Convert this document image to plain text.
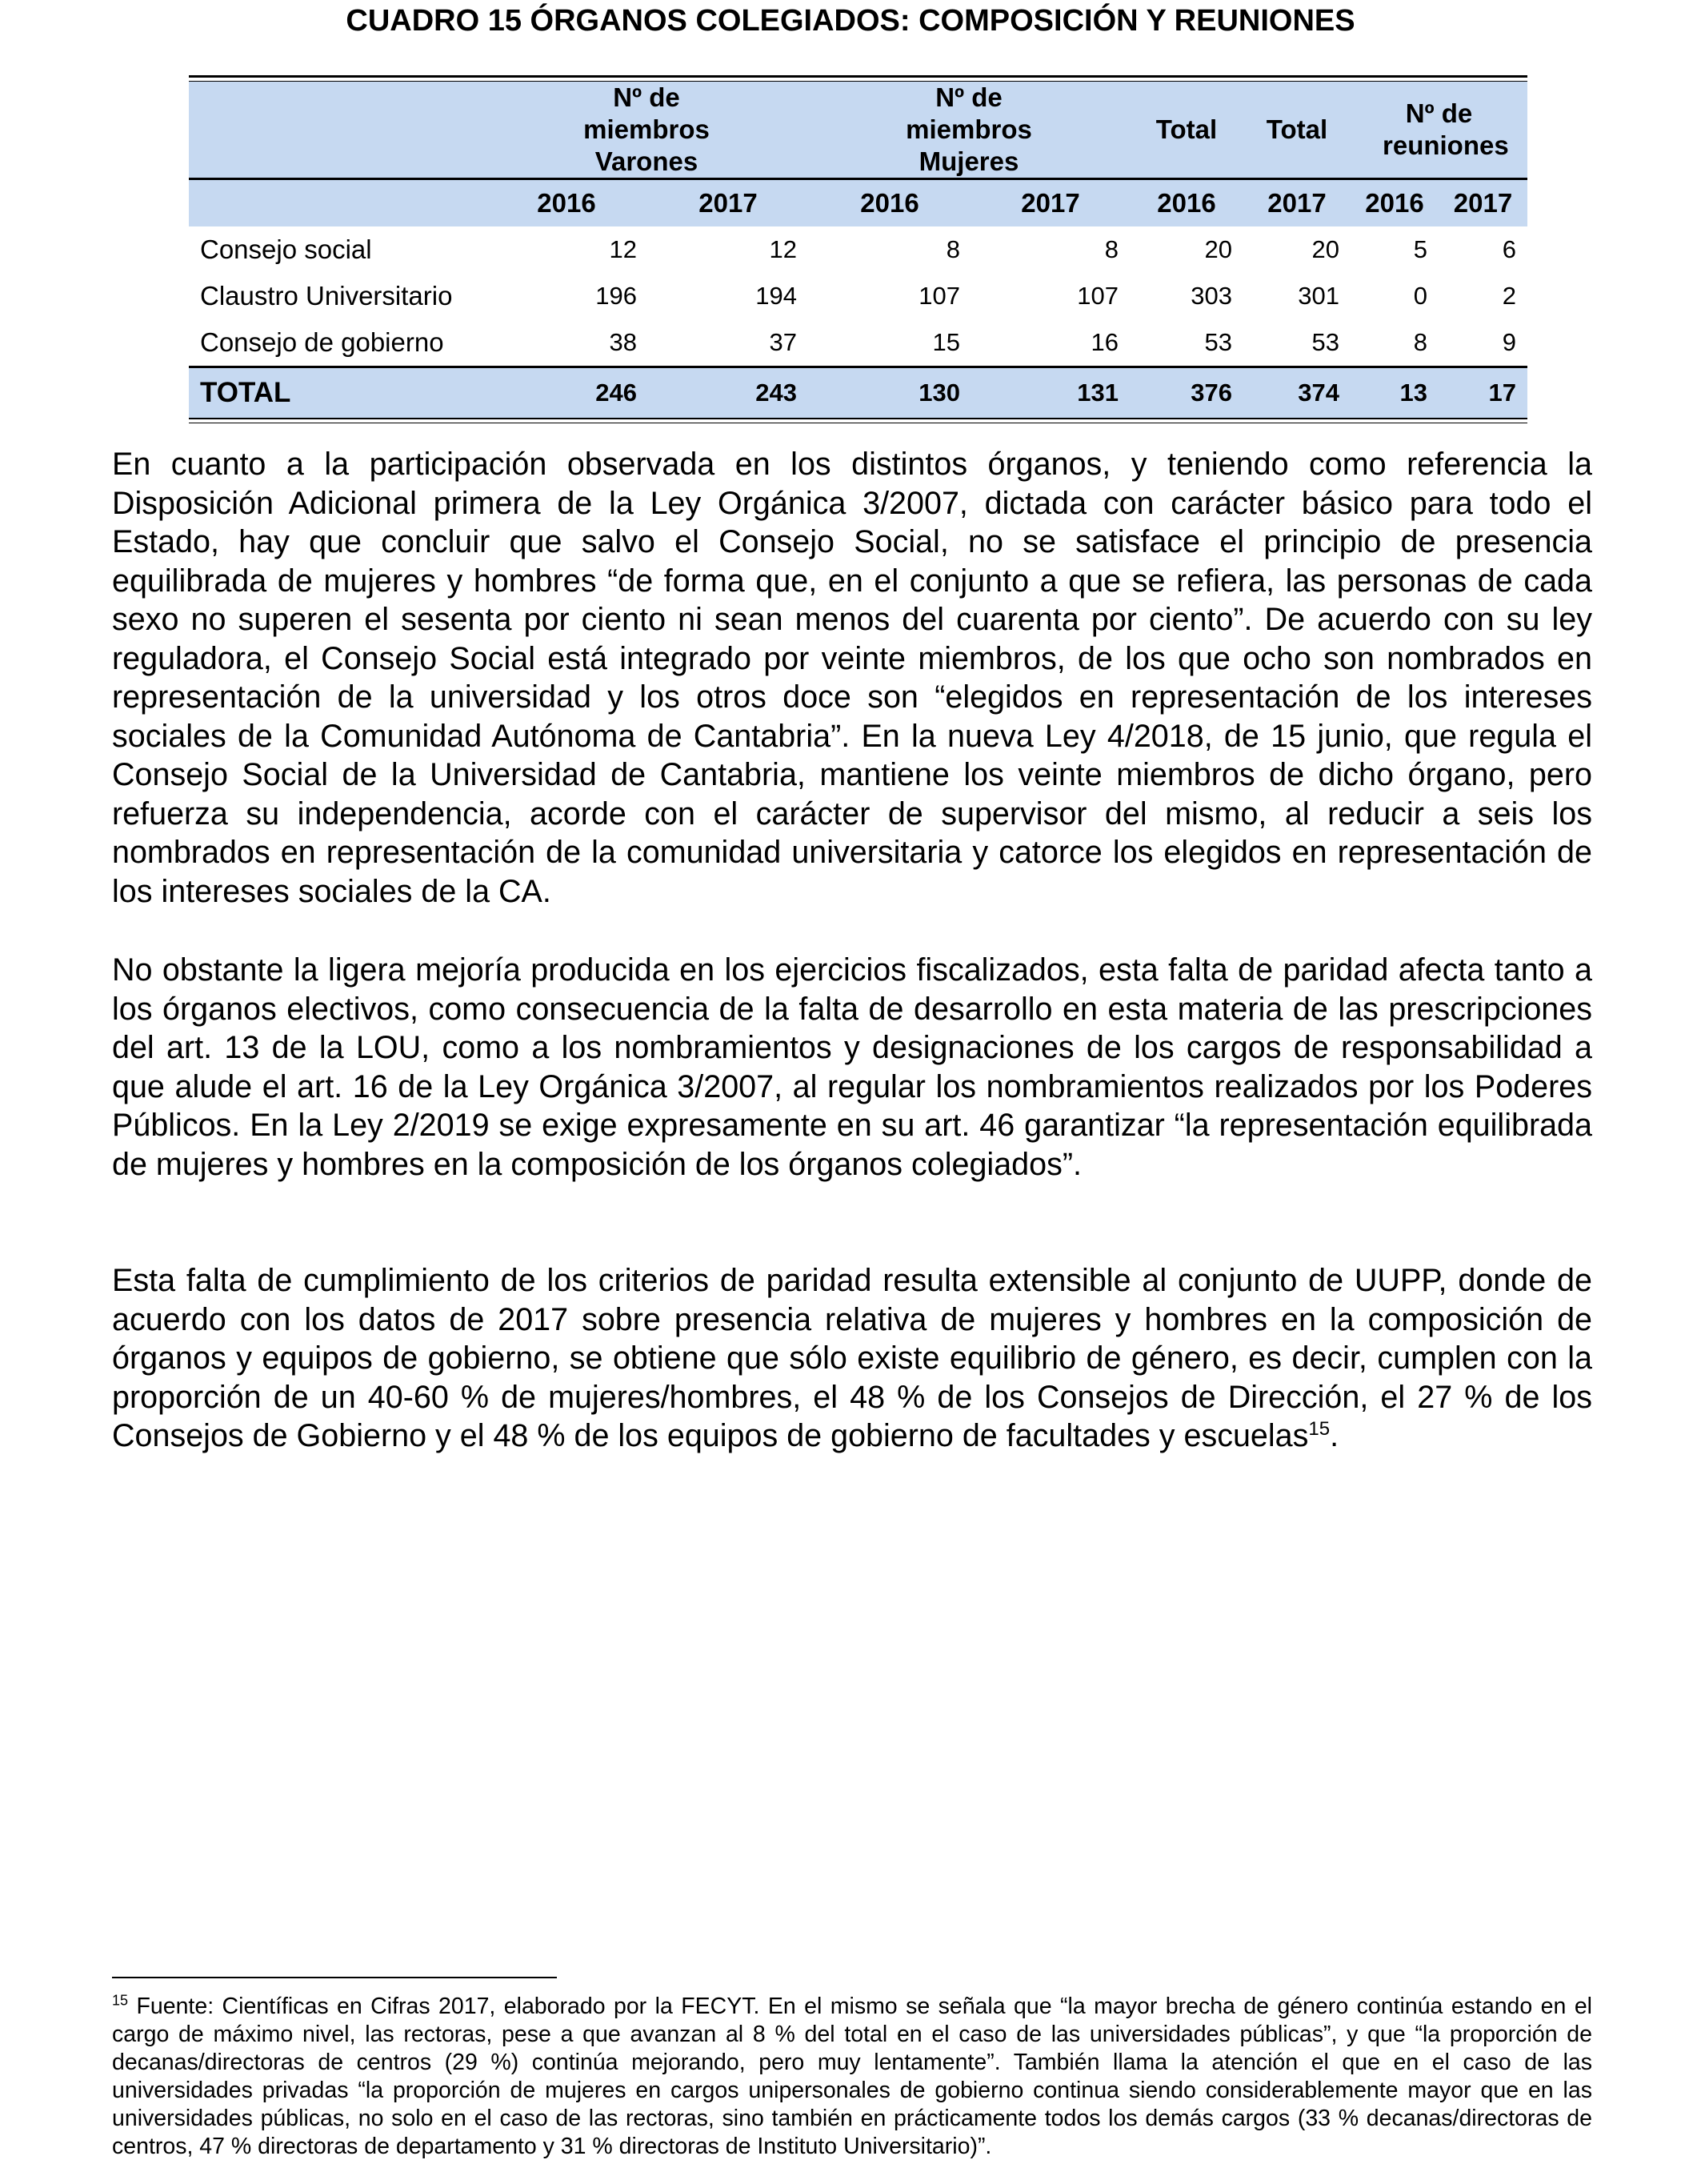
CUADRO 15 ÓRGANOS COLEGIADOS: COMPOSICIÓN Y REUNIONES
	Nº de miembros Varones		Nº de miembros Mujeres		Total	Total	Nº de reuniones	
	2016	2017	2016	2017	2016	2017	2016	2017
Consejo social	12	12	8	8	20	20	5	6
Claustro Universitario	196	194	107	107	303	301	0	2
Consejo de gobierno	38	37	15	16	53	53	8	9
TOTAL	246	243	130	131	376	374	13	17

En cuanto a la participación observada en los distintos órganos, y teniendo como referencia la Disposición Adicional primera de la Ley Orgánica 3/2007, dictada con carácter básico para todo el Estado, hay que concluir que salvo el Consejo Social, no se satisface el principio de presencia equilibrada de mujeres y hombres “de forma que, en el conjunto a que se refiera, las personas de cada sexo no superen el sesenta por ciento ni sean menos del cuarenta por ciento”. De acuerdo con su ley reguladora, el Consejo Social está integrado por veinte miembros, de los que ocho son nombrados en representación de la universidad y los otros doce son “elegidos en representación de los intereses sociales de la Comunidad Autónoma de Cantabria”. En la nueva Ley 4/2018, de 15 junio, que regula el Consejo Social de la Universidad de Cantabria, mantiene los veinte miembros de dicho órgano, pero refuerza su independencia, acorde con el carácter de supervisor del mismo, al reducir a seis los nombrados en representación de la comunidad universitaria y catorce los elegidos en representación de los intereses sociales de la CA.

No obstante la ligera mejoría producida en los ejercicios fiscalizados, esta falta de paridad afecta tanto a los órganos electivos, como consecuencia de la falta de desarrollo en esta materia de las prescripciones del art. 13 de la LOU, como a los nombramientos y designaciones de los cargos de responsabilidad a que alude el art. 16 de la Ley Orgánica 3/2007, al regular los nombramientos realizados por los Poderes Públicos. En la Ley 2/2019 se exige expresamente en su art. 46 garantizar “la representación equilibrada de mujeres y hombres en la composición de los órganos colegiados”.

Esta falta de cumplimiento de los criterios de paridad resulta extensible al conjunto de UUPP, donde de acuerdo con los datos de 2017 sobre presencia relativa de mujeres y hombres en la composición de órganos y equipos de gobierno, se obtiene que sólo existe equilibrio de género, es decir, cumplen con la proporción de un 40-60 % de mujeres/hombres, el 48 % de los Consejos de Dirección, el 27 % de los Consejos de Gobierno y el 48 % de los equipos de gobierno de facultades y escuelas$^{15}$.

$^{15}$ Fuente: Científicas en Cifras 2017, elaborado por la FECYT. En el mismo se señala que “la mayor brecha de género continúa estando en el cargo de máximo nivel, las rectoras, pese a que avanzan al 8 % del total en el caso de las universidades públicas”, y que “la proporción de decanas/directoras de centros (29 %) continúa mejorando, pero muy lentamente”. También llama la atención el que en el caso de las universidades privadas “la proporción de mujeres en cargos unipersonales de gobierno continua siendo considerablemente mayor que en las universidades públicas, no solo en el caso de las rectoras, sino también en prácticamente todos los demás cargos (33 % decanas/directoras de centros, 47 % directoras de departamento y 31 % directoras de Instituto Universitario)”.
